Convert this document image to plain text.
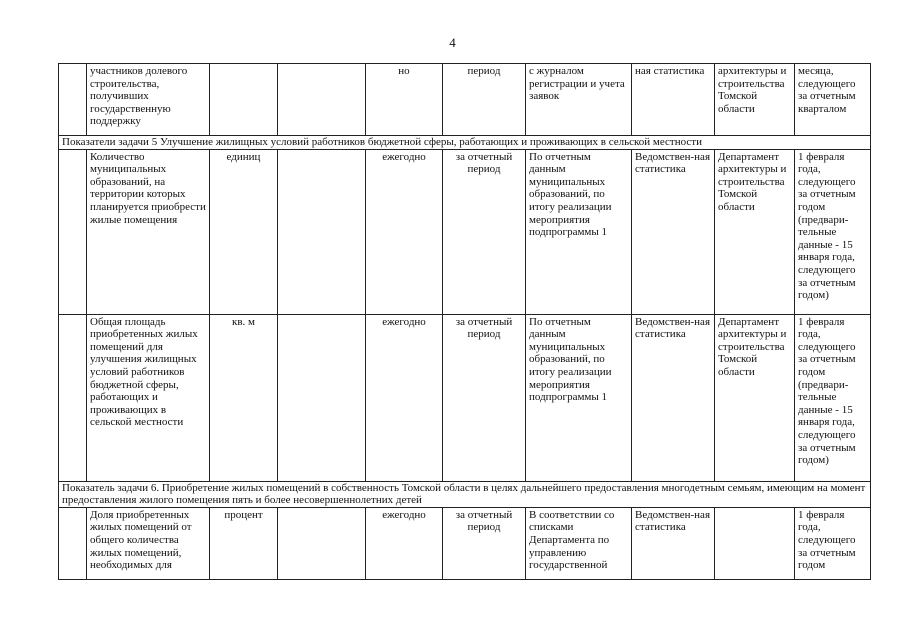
4
	участников долевого строительства, получивших государственную поддержку			но	период	с журналом регистрации и учета заявок	ная статистика	архитектуры и строительства Томской области	месяца, следующего за отчетным кварталом
Показатели задачи 5 Улучшение жилищных условий работников бюджетной сферы, работающих и проживающих в сельской местности									
	Количество муниципальных образований, на территории которых планируется приобрести жилые помещения	единиц		ежегодно	за отчетный период	По отчетным данным муниципальных образований, по итогу реализации мероприятия подпрограммы 1	Ведомствен-ная статистика	Департамент архитектуры и строительства Томской области	1 февраля года, следующего за отчетным годом (предвари-тельные данные - 15 января года, следующего за отчетным годом)
	Общая площадь приобретенных жилых помещений для улучшения жилищных условий работников бюджетной сферы, работающих и проживающих в сельской местности	кв. м		ежегодно	за отчетный период	По отчетным данным муниципальных образований, по итогу реализации мероприятия подпрограммы 1	Ведомствен-ная статистика	Департамент архитектуры и строительства Томской области	1 февраля года, следующего за отчетным годом (предвари-тельные данные - 15 января года, следующего за отчетным годом)
Показатель задачи 6. Приобретение жилых помещений в собственность Томской области в целях дальнейшего предоставления многодетным семьям, имеющим на момент предоставления жилого помещения пять и более несовершеннолетних детей									
	Доля приобретенных жилых помещений от общего количества жилых помещений, необходимых для	процент		ежегодно	за отчетный период	В соответствии со списками Департамента по управлению государственной	Ведомствен-ная статистика		1 февраля года, следующего за отчетным годом
